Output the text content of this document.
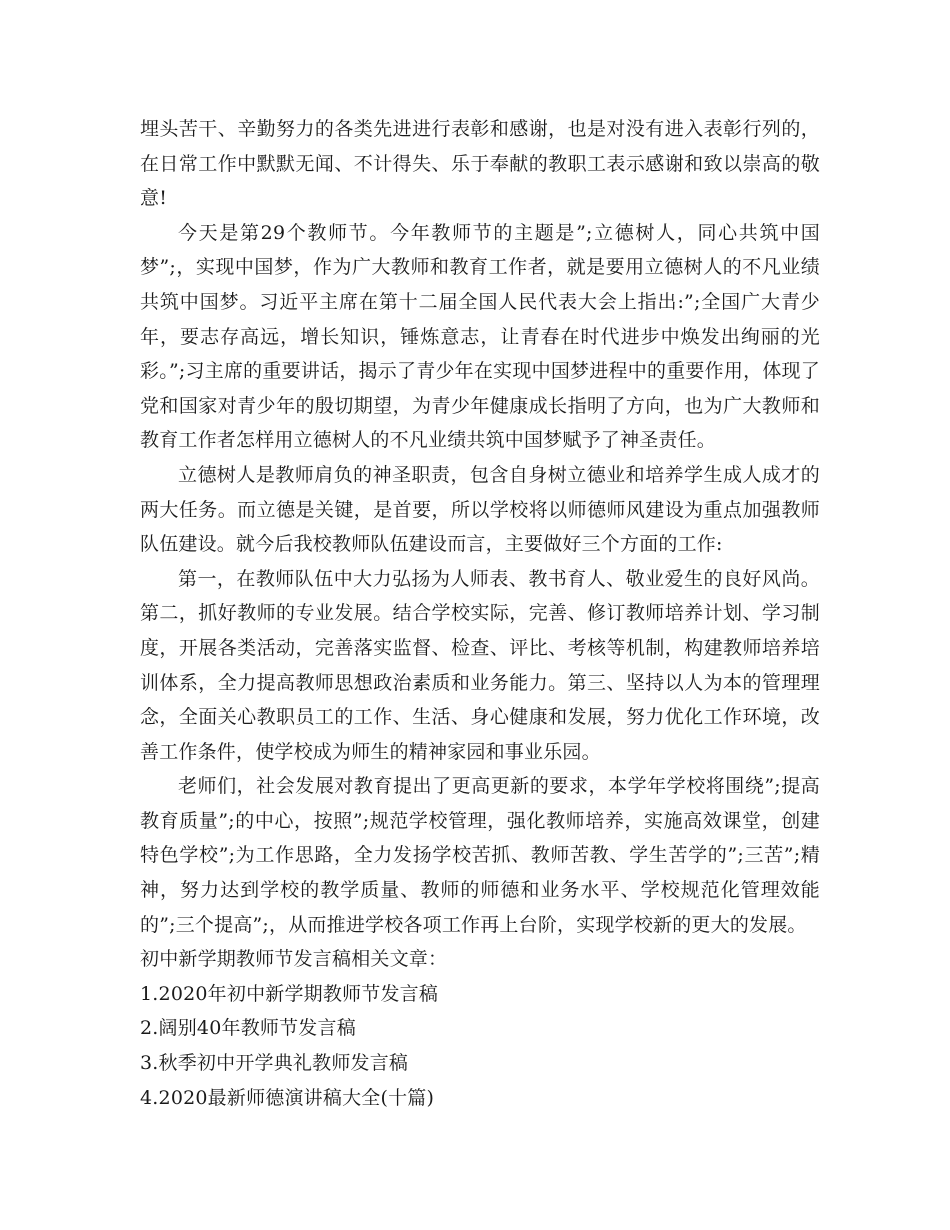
埋头苦干、辛勤努力的各类先进进行表彰和感谢，也是对没有进入表彰行列的，在日常工作中默默无闻、不计得失、乐于奉献的教职工表示感谢和致以崇高的敬意!

今天是第29个教师节。今年教师节的主题是”;立德树人，同心共筑中国梦”;，实现中国梦，作为广大教师和教育工作者，就是要用立德树人的不凡业绩共筑中国梦。习近平主席在第十二届全国人民代表大会上指出:”;全国广大青少年，要志存高远，增长知识，锤炼意志，让青春在时代进步中焕发出绚丽的光彩。”;习主席的重要讲话，揭示了青少年在实现中国梦进程中的重要作用，体现了党和国家对青少年的殷切期望，为青少年健康成长指明了方向，也为广大教师和教育工作者怎样用立德树人的不凡业绩共筑中国梦赋予了神圣责任。

立德树人是教师肩负的神圣职责，包含自身树立德业和培养学生成人成才的两大任务。而立德是关键，是首要，所以学校将以师德师风建设为重点加强教师队伍建设。就今后我校教师队伍建设而言，主要做好三个方面的工作:

第一，在教师队伍中大力弘扬为人师表、教书育人、敬业爱生的良好风尚。第二，抓好教师的专业发展。结合学校实际，完善、修订教师培养计划、学习制度，开展各类活动，完善落实监督、检查、评比、考核等机制，构建教师培养培训体系，全力提高教师思想政治素质和业务能力。第三、坚持以人为本的管理理念，全面关心教职员工的工作、生活、身心健康和发展，努力优化工作环境，改善工作条件，使学校成为师生的精神家园和事业乐园。

老师们，社会发展对教育提出了更高更新的要求，本学年学校将围绕”;提高教育质量”;的中心，按照”;规范学校管理，强化教师培养，实施高效课堂，创建特色学校”;为工作思路，全力发扬学校苦抓、教师苦教、学生苦学的”;三苦”;精神，努力达到学校的教学质量、教师的师德和业务水平、学校规范化管理效能的”;三个提高”;，从而推进学校各项工作再上台阶，实现学校新的更大的发展。

初中新学期教师节发言稿相关文章：

1.2020年初中新学期教师节发言稿
2.阔别40年教师节发言稿
3.秋季初中开学典礼教师发言稿
4.2020最新师德演讲稿大全(十篇)
